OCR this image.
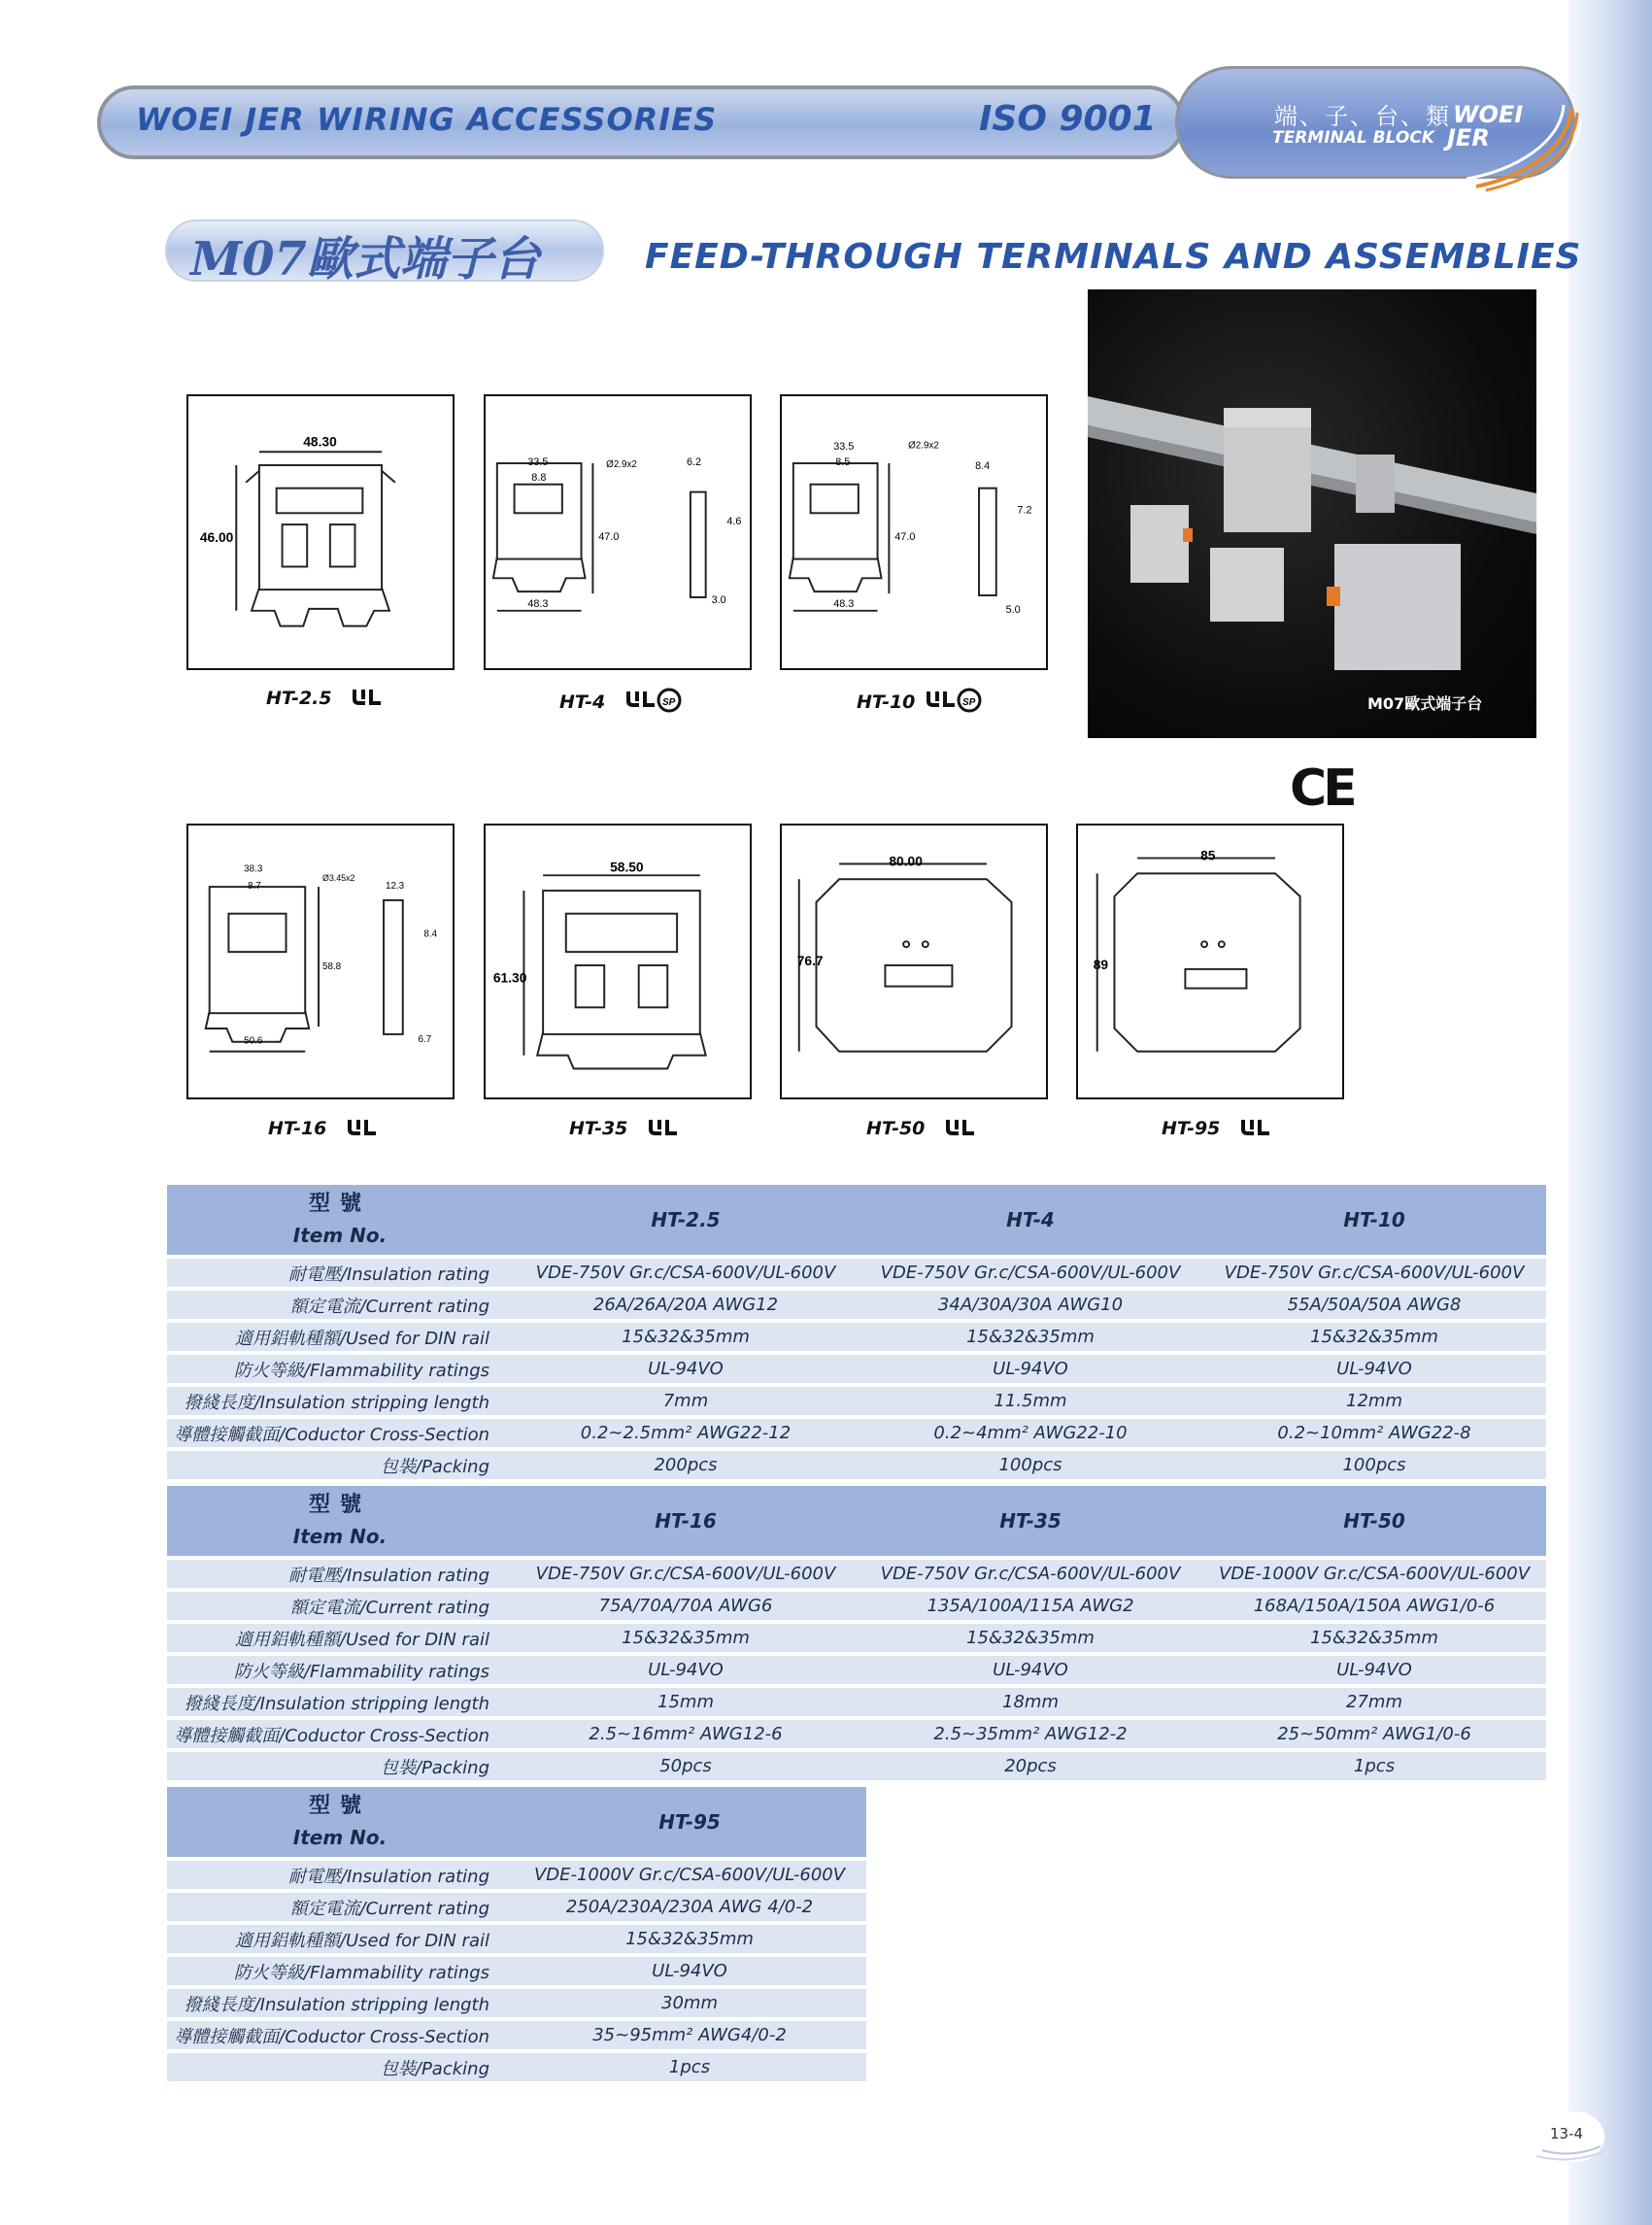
WOEI JER WIRING ACCESSORIES	ISO 9001	端、子、台、類
TERMINAL BLOCK
WOEI
JER
M07歐式端子台	FEED-THROUGH TERMINALS AND ASSEMBLIES
48.30
46.00
HT-2.5
33.5
8.8
Ø2.9x2	6.2
4.6
47.0
48.3	3.0
HT-4	SP
33.5
8.5
Ø2.9x2
8.4
7.2
47.0
48.3	5.0
HT-10	SP	M07歐式端子台
CE
38.3
8.7
Ø3.45x2
12.3
8.4
58.8
50.6	6.7
HT-16
58.50
61.30
HT-35
80.00
76.7
HT-50
85
89
HT-95
型號
Item No.	HT-2.5	HT-4	HT-10
耐電壓/Insulation rating	VDE-750V Gr.c/CSA-600V/UL-600V	VDE-750V Gr.c/CSA-600V/UL-600V	VDE-750V Gr.c/CSA-600V/UL-600V
額定電流/Current rating	26A/26A/20A AWG12	34A/30A/30A AWG10	55A/50A/50A AWG8
適用鋁軌種額/Used for DIN rail	15&32&35mm	15&32&35mm	15&32&35mm
防火等級/Flammability ratings	UL-94VO	UL-94VO	UL-94VO
撥綫長度/Insulation stripping length	7mm	11.5mm	12mm
導體接觸截面/Coductor Cross-Section	0.2~2.5mm² AWG22-12	0.2~4mm² AWG22-10	0.2~10mm² AWG22-8
包裝/Packing	200pcs	100pcs	100pcs
型號
Item No.	HT-16	HT-35	HT-50
耐電壓/Insulation rating	VDE-750V Gr.c/CSA-600V/UL-600V	VDE-750V Gr.c/CSA-600V/UL-600V	VDE-1000V Gr.c/CSA-600V/UL-600V
額定電流/Current rating	75A/70A/70A AWG6	135A/100A/115A AWG2	168A/150A/150A AWG1/0-6
適用鋁軌種額/Used for DIN rail	15&32&35mm	15&32&35mm	15&32&35mm
防火等級/Flammability ratings	UL-94VO	UL-94VO	UL-94VO
撥綫長度/Insulation stripping length	15mm	18mm	27mm
導體接觸截面/Coductor Cross-Section	2.5~16mm² AWG12-6	2.5~35mm² AWG12-2	25~50mm² AWG1/0-6
包裝/Packing	50pcs	20pcs	1pcs
型號
Item No.	HT-95
耐電壓/Insulation rating	VDE-1000V Gr.c/CSA-600V/UL-600V
額定電流/Current rating	250A/230A/230A AWG 4/0-2
適用鋁軌種額/Used for DIN rail	15&32&35mm
防火等級/Flammability ratings	UL-94VO
撥綫長度/Insulation stripping length	30mm
導體接觸截面/Coductor Cross-Section	35~95mm² AWG4/0-2
包裝/Packing	1pcs
13-4
